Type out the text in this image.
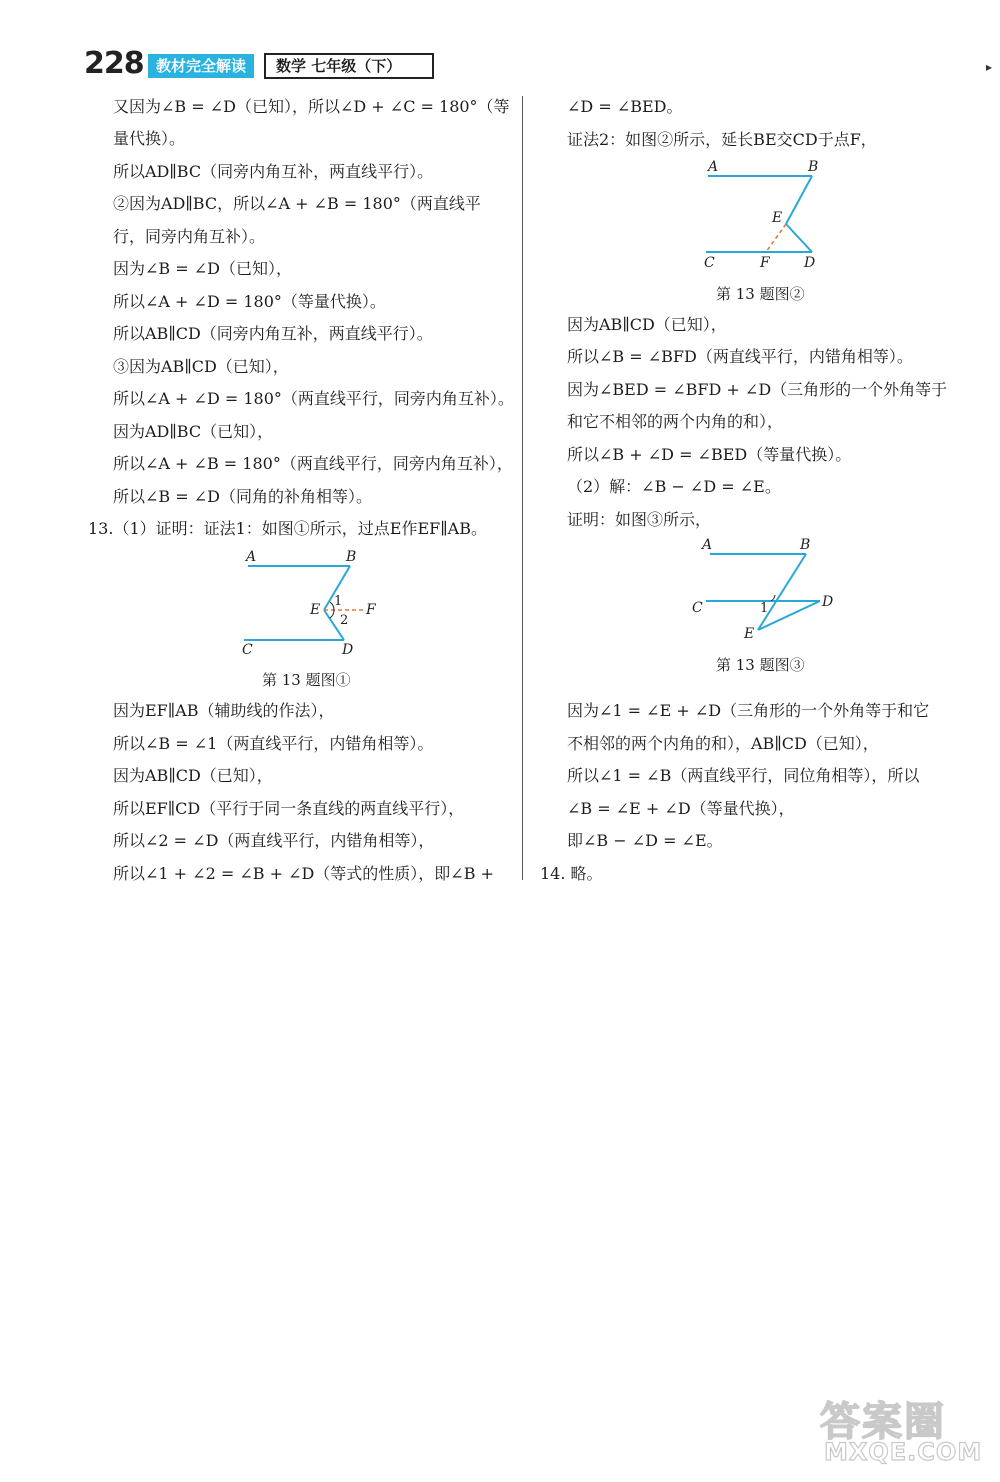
228 教材完全解读	数学 七年级（下）	▸
又因为∠B = ∠D（已知），所以∠D + ∠C = 180°（等
量代换）。
所以AD∥BC（同旁内角互补，两直线平行）。
②因为AD∥BC，所以∠A + ∠B = 180°（两直线平
行，同旁内角互补）。
因为∠B = ∠D（已知），
所以∠A + ∠D = 180°（等量代换）。
所以AB∥CD（同旁内角互补，两直线平行）。
③因为AB∥CD（已知），
所以∠A + ∠D = 180°（两直线平行，同旁内角互补）。
因为AD∥BC（已知），
所以∠A + ∠B = 180°（两直线平行，同旁内角互补），
所以∠B = ∠D（同角的补角相等）。
13.（1）证明：证法1：如图①所示，过点E作EF∥AB。
A	B
E	F
1
2
C	D
第 13 题图①
因为EF∥AB（辅助线的作法），
所以∠B = ∠1（两直线平行，内错角相等）。
因为AB∥CD（已知），
所以EF∥CD（平行于同一条直线的两直线平行），
所以∠2 = ∠D（两直线平行，内错角相等），
所以∠1 + ∠2 = ∠B + ∠D（等式的性质），即∠B +
∠D = ∠BED。
证法2：如图②所示，延长BE交CD于点F，
A	B
E
C	F D
第 13 题图②
因为AB∥CD（已知），
所以∠B = ∠BFD（两直线平行，内错角相等）。
因为∠BED = ∠BFD + ∠D（三角形的一个外角等于
和它不相邻的两个内角的和），
所以∠B + ∠D = ∠BED（等量代换）。
（2）解：∠B − ∠D = ∠E。
证明：如图③所示，
A	B
C	1	D
E
第 13 题图③
因为∠1 = ∠E + ∠D（三角形的一个外角等于和它
不相邻的两个内角的和），AB∥CD（已知），
所以∠1 = ∠B（两直线平行，同位角相等），所以
∠B = ∠E + ∠D（等量代换），
即∠B − ∠D = ∠E。
14. 略。
答案圈
MXQE.COM
